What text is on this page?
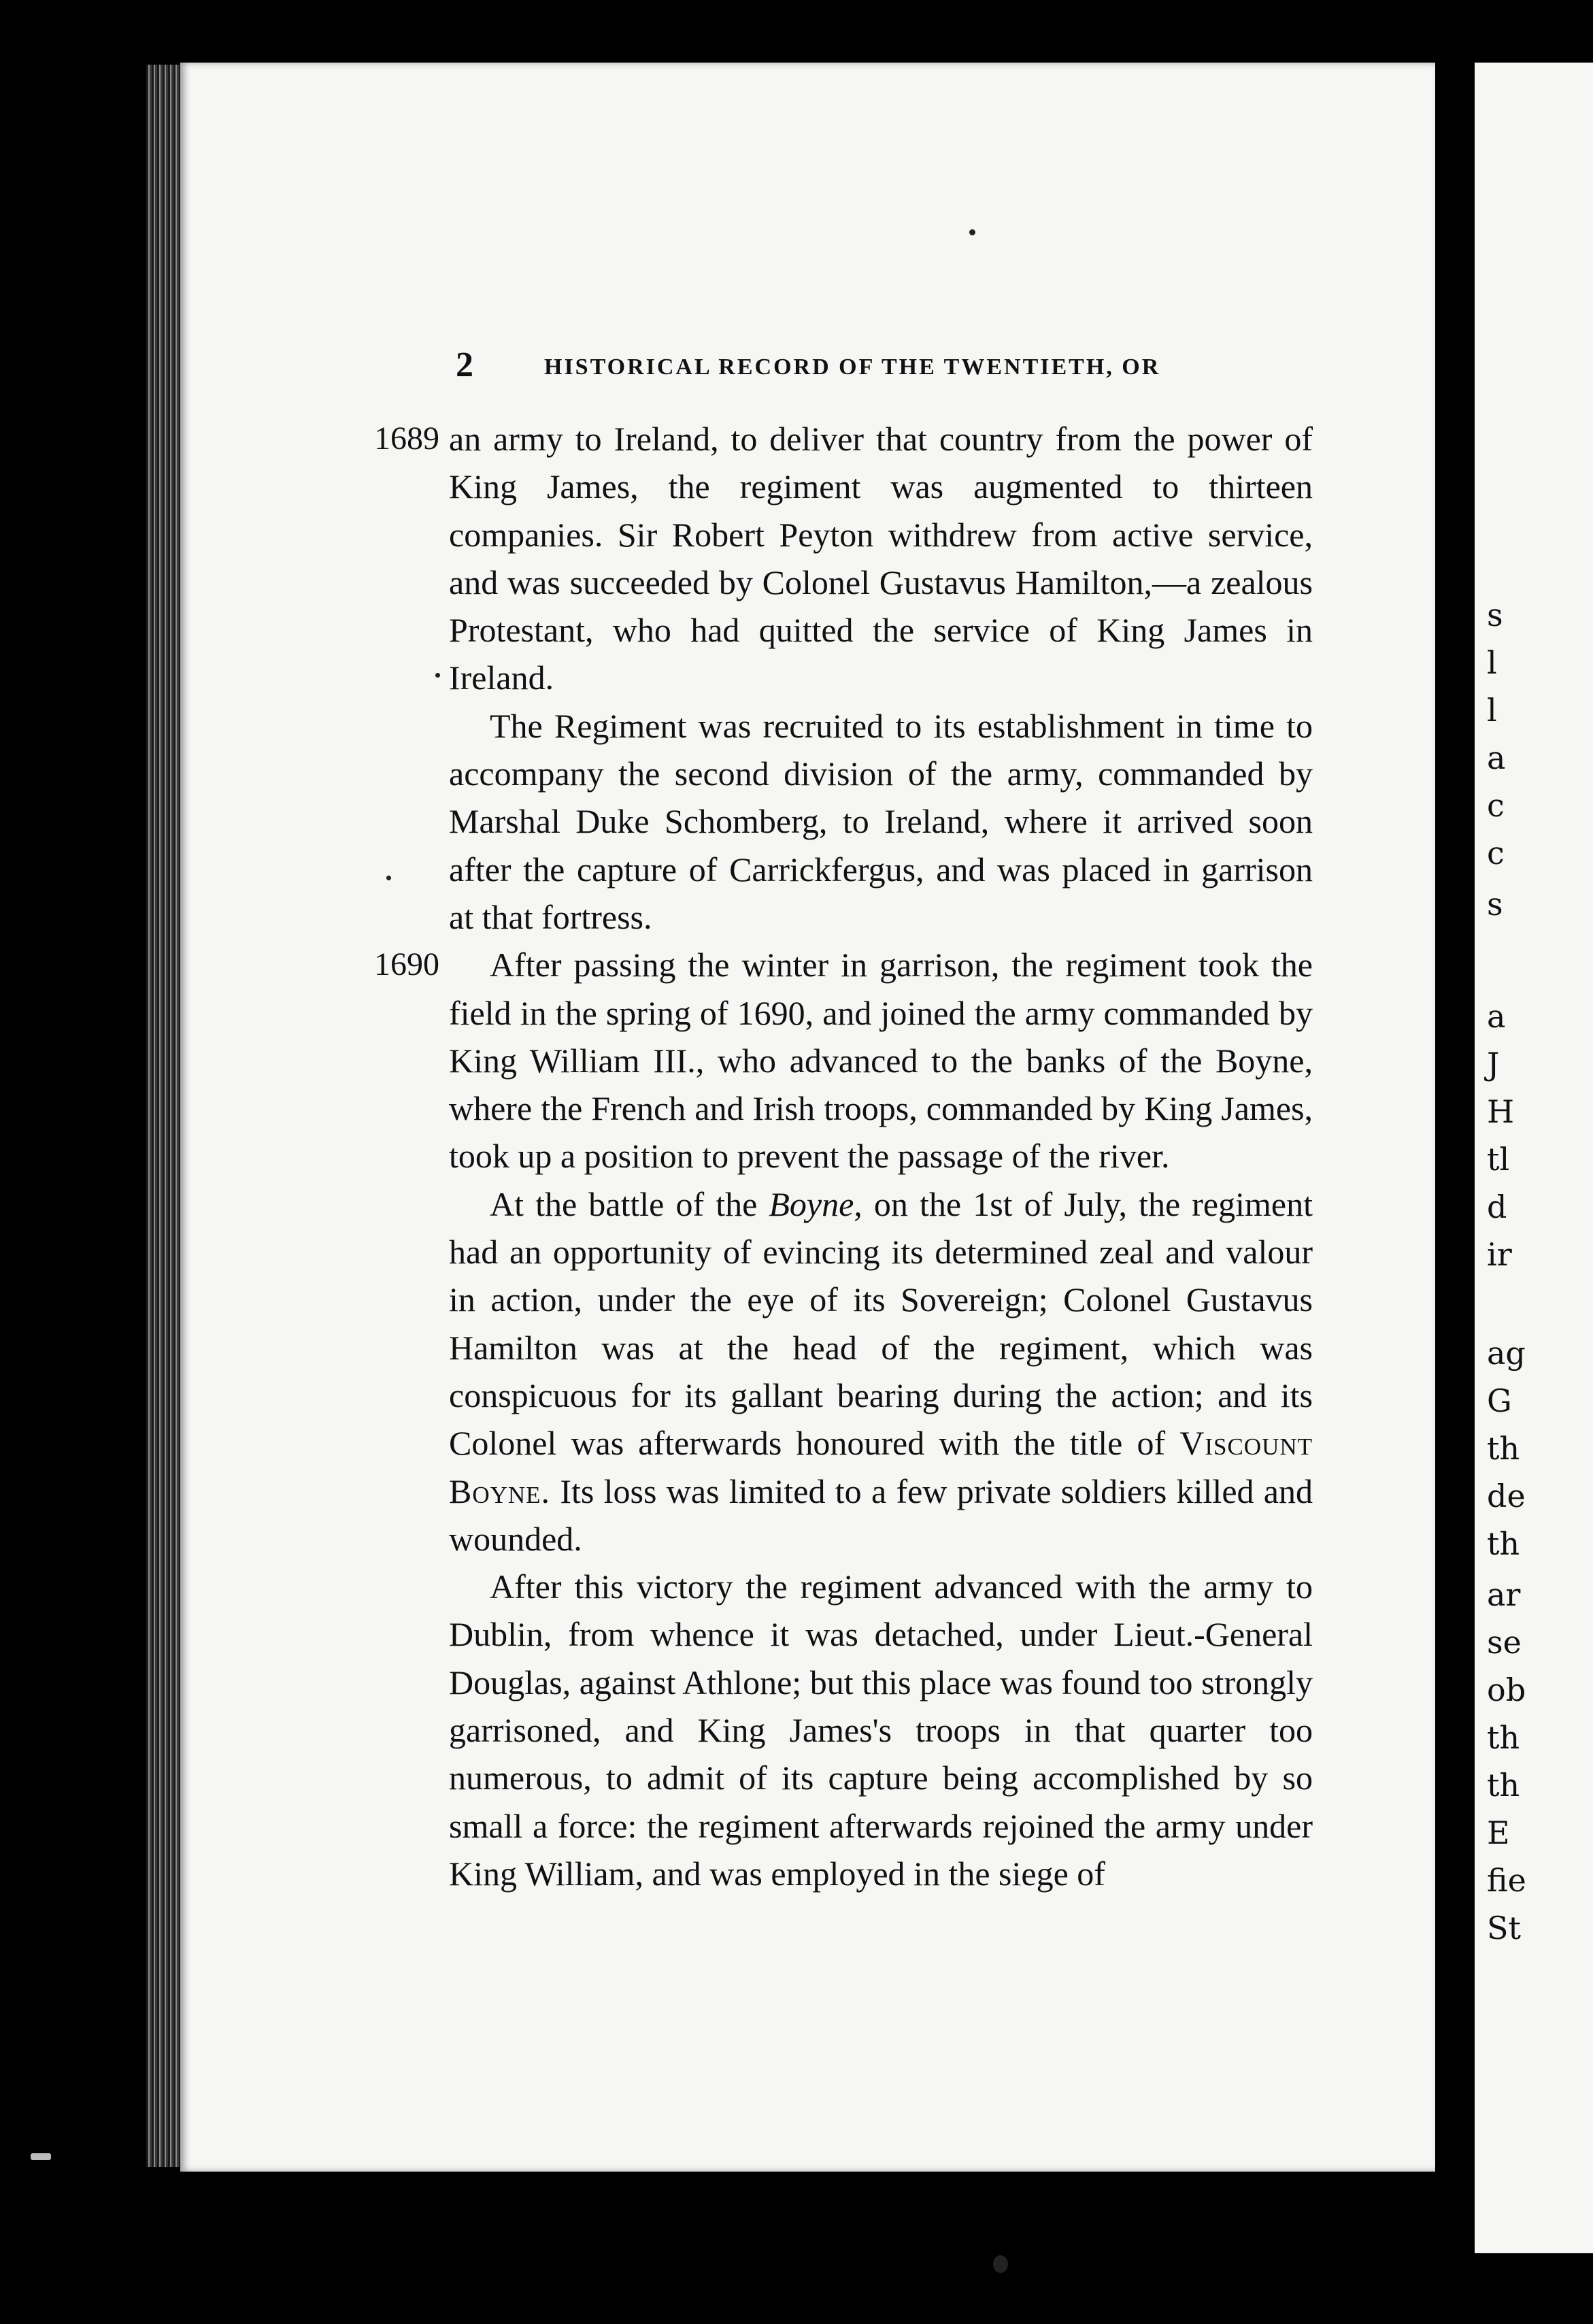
2	HISTORICAL RECORD OF THE TWENTIETH, OR

1689 an army to Ireland, to deliver that country from the power of King James, the regiment was augmented to thirteen companies. Sir Robert Peyton withdrew from active service, and was succeeded by Colonel Gustavus Hamilton,—a zealous Protestant, who had quitted the service of King James in Ireland.

The Regiment was recruited to its establishment in time to accompany the second division of the army, commanded by Marshal Duke Schomberg, to Ireland, where it arrived soon after the capture of Carrickfergus, and was placed in garrison at that fortress.

1690 After passing the winter in garrison, the regiment took the field in the spring of 1690, and joined the army commanded by King William III., who advanced to the banks of the Boyne, where the French and Irish troops, commanded by King James, took up a position to prevent the passage of the river.

At the battle of the Boyne, on the 1st of July, the regiment had an opportunity of evincing its determined zeal and valour in action, under the eye of its Sovereign; Colonel Gustavus Hamilton was at the head of the regiment, which was conspicuous for its gallant bearing during the action; and its Colonel was afterwards honoured with the title of Viscount Boyne. Its loss was limited to a few private soldiers killed and wounded.

After this victory the regiment advanced with the army to Dublin, from whence it was detached, under Lieut.-General Douglas, against Athlone; but this place was found too strongly garrisoned, and King James's troops in that quarter too numerous, to admit of its capture being accomplished by so small a force: the regiment afterwards rejoined the army under King William, and was employed in the siege of

s
l
l
a
c
c
s
a
J
H
tl
d
ir
ag
G
th
de
th
ar
se
ob
th
th
E
fie
St
